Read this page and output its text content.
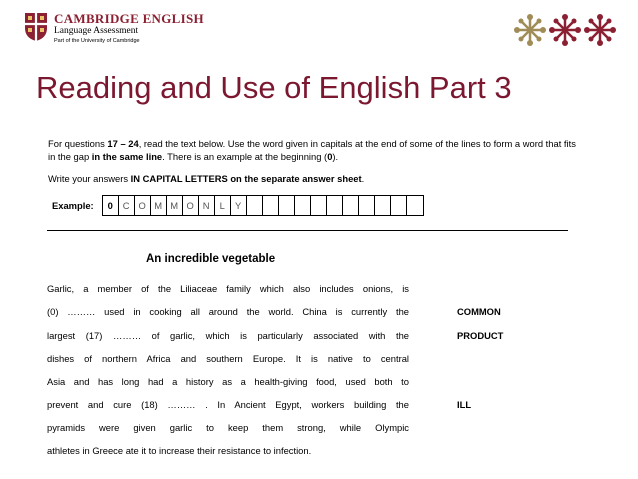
CAMBRIDGE ENGLISH
Language Assessment
Part of the University of Cambridge
Reading and Use of English Part 3
For questions 17 – 24, read the text below. Use the word given in capitals at the end of some of the lines to form a word that fits in the gap in the same line. There is an example at the beginning (0).
Write your answers IN CAPITAL LETTERS on the separate answer sheet.
Example:	0	C O M M O N	L	Y
An incredible vegetable
Garlic, a member of the Liliaceae family which also includes onions, is
(0) ……… used in cooking all around the world. China is currently the
largest (17) ……… of garlic, which is particularly associated with the
dishes of northern Africa and southern Europe. It is native to central
Asia and has long had a history as a health-giving food, used both to
prevent and cure (18) ……… . In Ancient Egypt, workers building the
pyramids were given garlic to keep them strong, while Olympic
athletes in Greece ate it to increase their resistance to infection.
COMMON
PRODUCT
ILL
